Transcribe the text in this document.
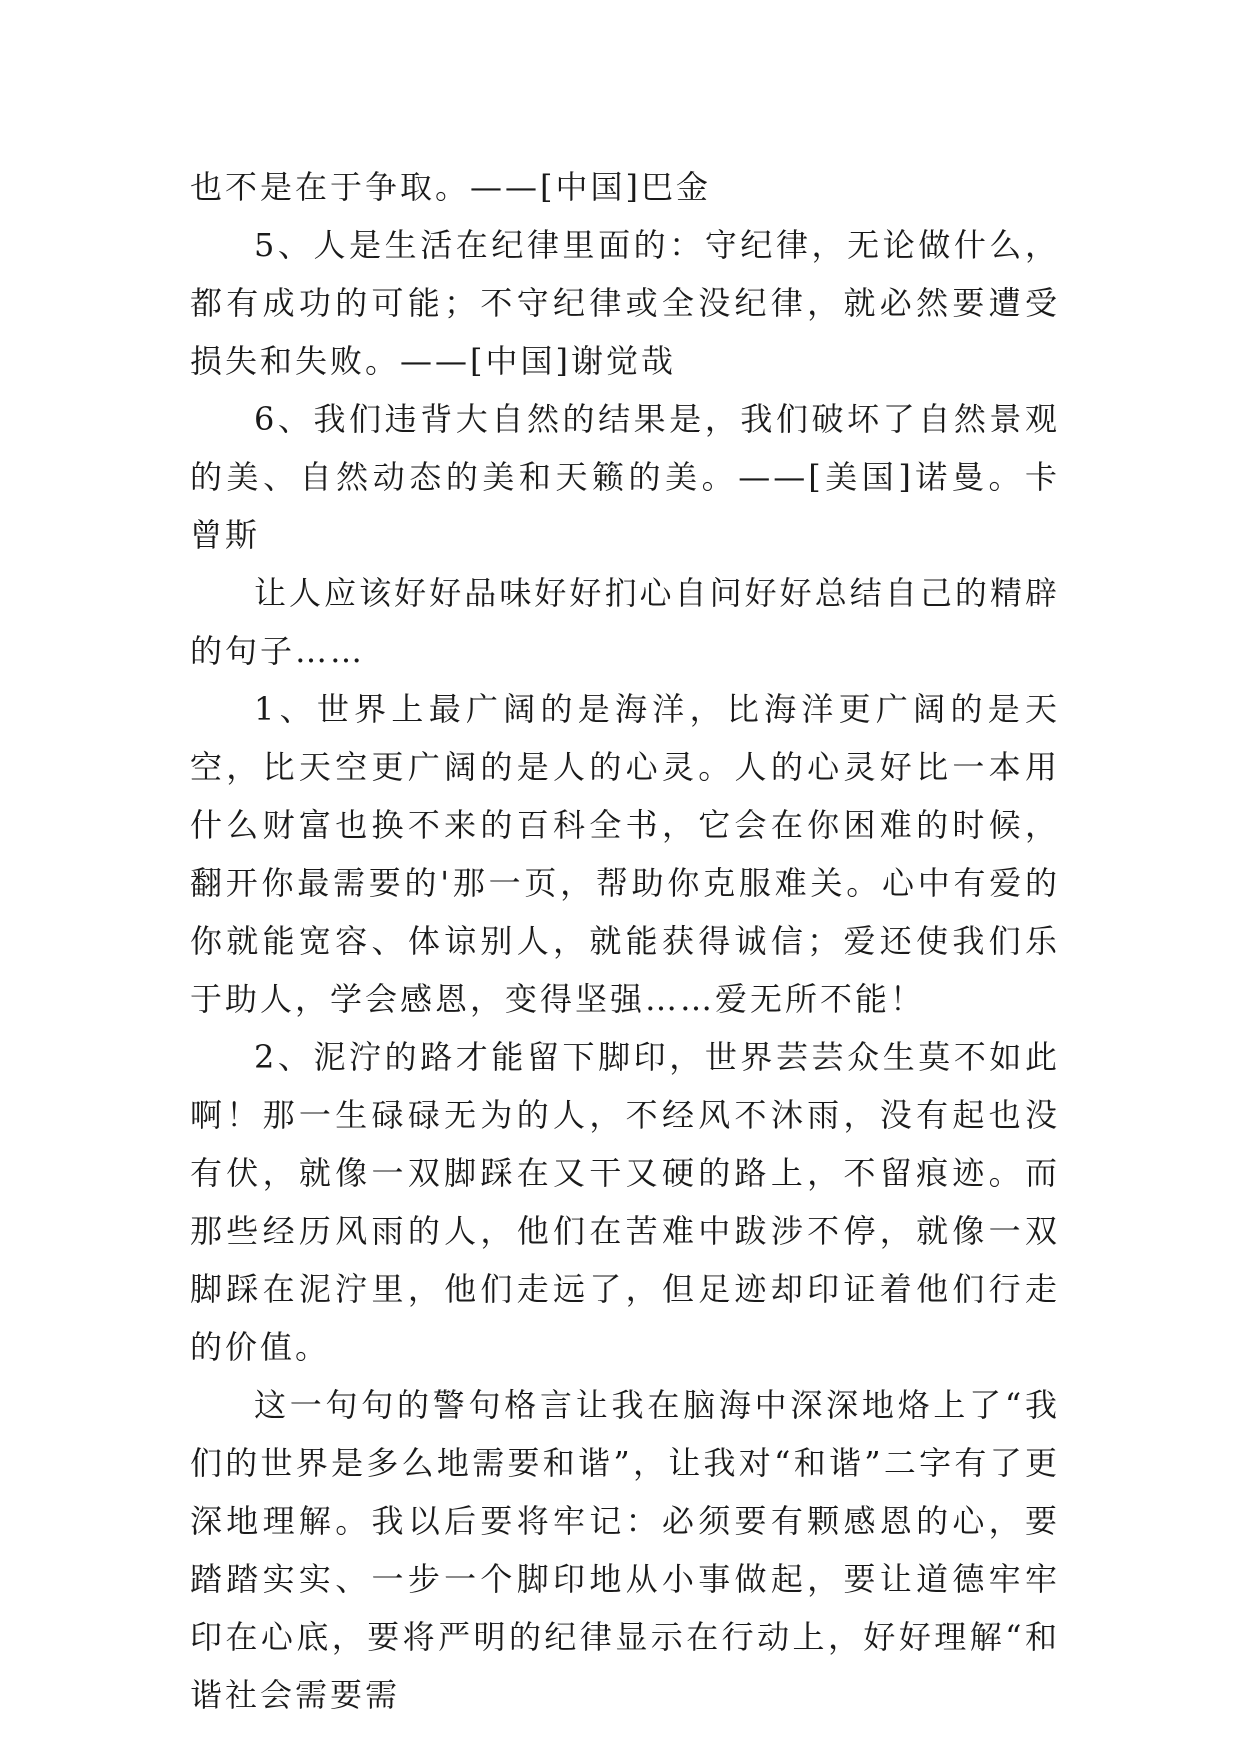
也不是在于争取。——[中国]巴金

5、人是生活在纪律里面的：守纪律，无论做什么，都有成功的可能；不守纪律或全没纪律，就必然要遭受损失和失败。——[中国]谢觉哉

6、我们违背大自然的结果是，我们破坏了自然景观的美、自然动态的美和天籁的美。——[美国]诺曼。卡曾斯

让人应该好好品味好好扪心自问好好总结自己的精辟的句子……

1、世界上最广阔的是海洋，比海洋更广阔的是天空，比天空更广阔的是人的心灵。人的心灵好比一本用什么财富也换不来的百科全书，它会在你困难的时候，翻开你最需要的'那一页，帮助你克服难关。心中有爱的你就能宽容、体谅别人，就能获得诚信；爱还使我们乐于助人，学会感恩，变得坚强……爱无所不能！

2、泥泞的路才能留下脚印，世界芸芸众生莫不如此啊！那一生碌碌无为的人，不经风不沐雨，没有起也没有伏，就像一双脚踩在又干又硬的路上，不留痕迹。而那些经历风雨的人，他们在苦难中跋涉不停，就像一双脚踩在泥泞里，他们走远了，但足迹却印证着他们行走的价值。

这一句句的警句格言让我在脑海中深深地烙上了“我们的世界是多么地需要和谐”，让我对“和谐”二字有了更深地理解。我以后要将牢记：必须要有颗感恩的心，要踏踏实实、一步一个脚印地从小事做起，要让道德牢牢印在心底，要将严明的纪律显示在行动上，好好理解“和谐社会需要需
